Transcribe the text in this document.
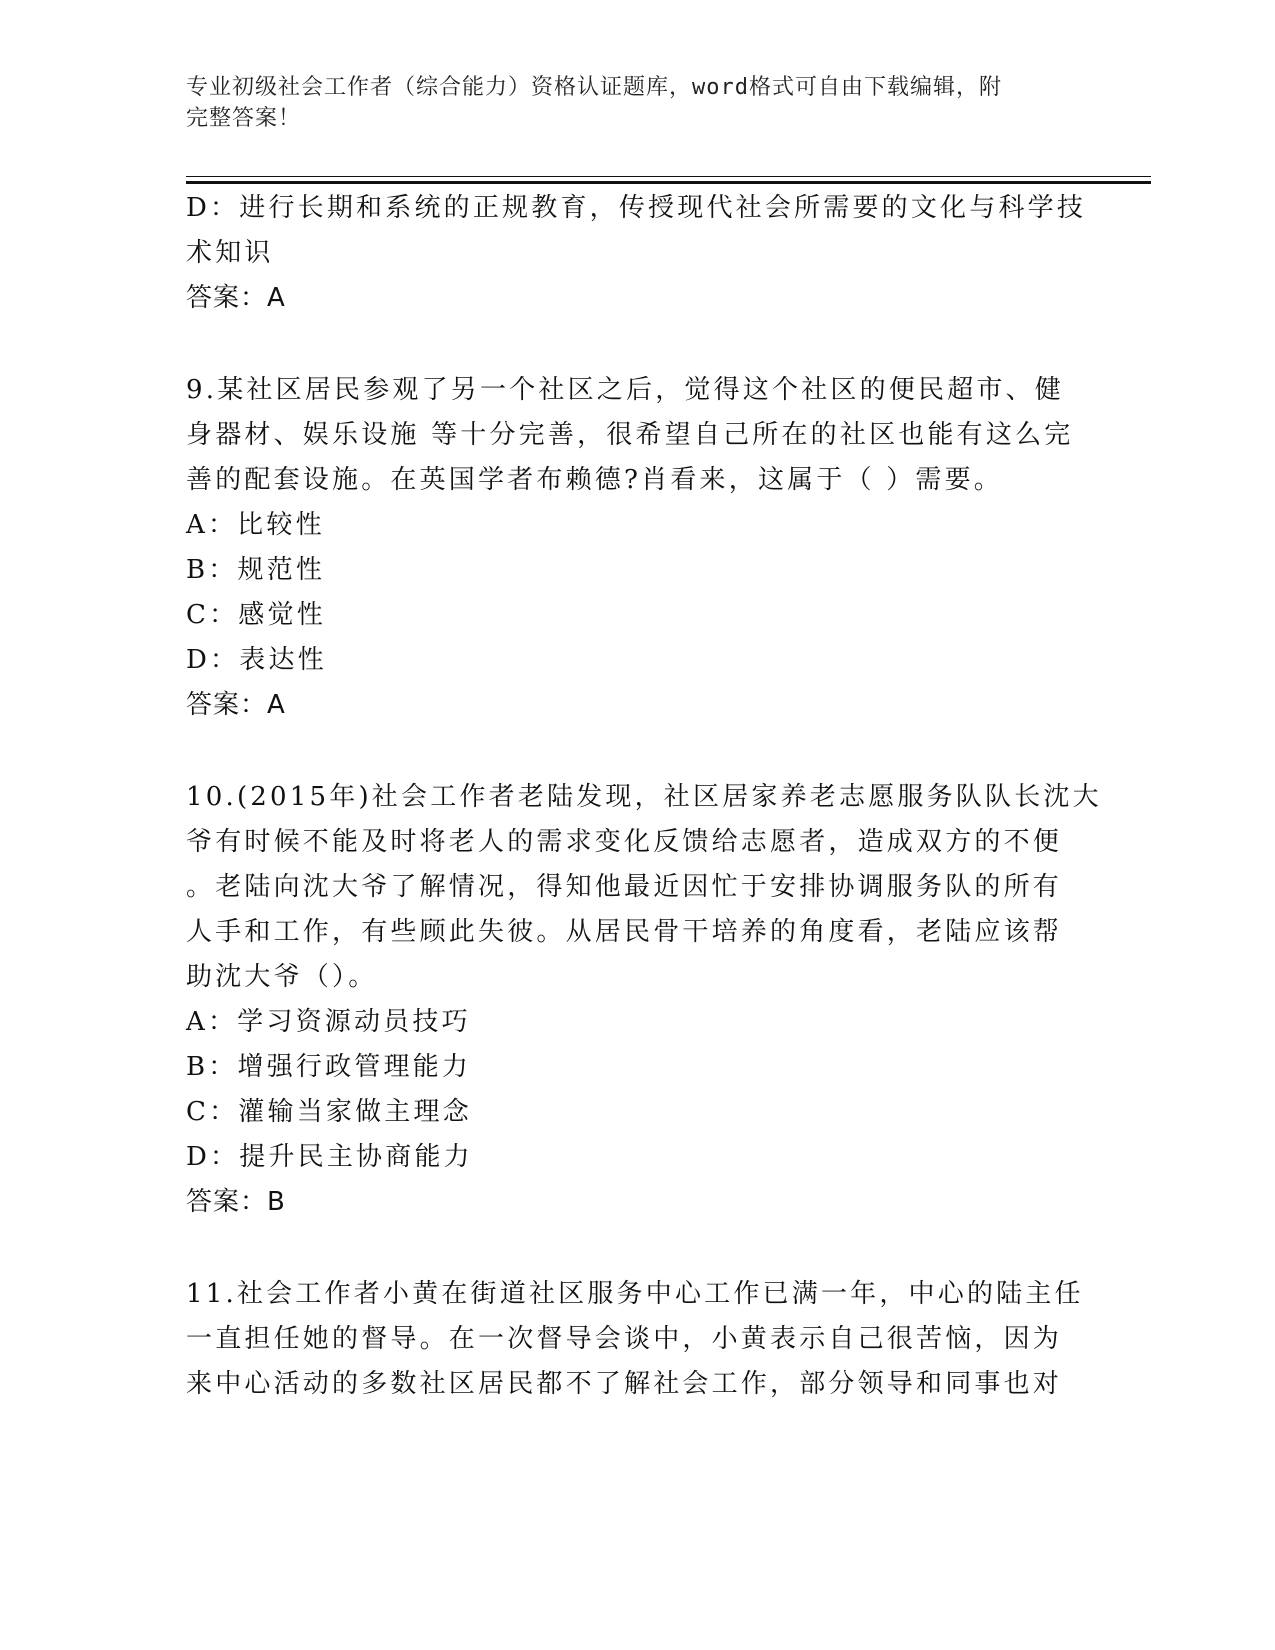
专业初级社会工作者（综合能力）资格认证题库，word格式可自由下载编辑，附
完整答案！
D：进行长期和系统的正规教育，传授现代社会所需要的文化与科学技
术知识
答案：A
9.某社区居民参观了另一个社区之后，觉得这个社区的便民超市、健
身器材、娱乐设施 等十分完善，很希望自己所在的社区也能有这么完
善的配套设施。在英国学者布赖德?肖看来，这属于（ ）需要。
A：比较性
B：规范性
C：感觉性
D：表达性
答案：A
10.(2015年)社会工作者老陆发现，社区居家养老志愿服务队队长沈大
爷有时候不能及时将老人的需求变化反馈给志愿者，造成双方的不便
。老陆向沈大爷了解情况，得知他最近因忙于安排协调服务队的所有
人手和工作，有些顾此失彼。从居民骨干培养的角度看，老陆应该帮
助沈大爷（）。
A：学习资源动员技巧
B：增强行政管理能力
C：灌输当家做主理念
D：提升民主协商能力
答案：B
11.社会工作者小黄在街道社区服务中心工作已满一年，中心的陆主任
一直担任她的督导。在一次督导会谈中，小黄表示自己很苦恼，因为
来中心活动的多数社区居民都不了解社会工作，部分领导和同事也对
